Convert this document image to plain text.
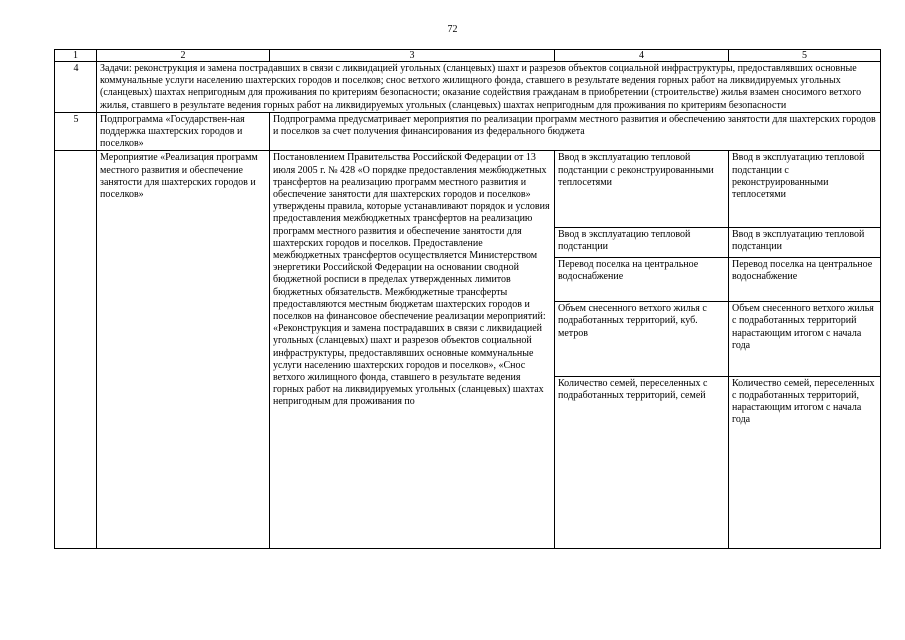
72
1	2	3	4	5
4	Задачи: реконструкция и замена пострадавших в связи с ликвидацией угольных (сланцевых) шахт и разрезов объектов социальной инфраструктуры, предоставлявших основные коммунальные услуги населению шахтерских городов и поселков; снос ветхого жилищного фонда, ставшего в результате ведения горных работ на ликвидируемых угольных (сланцевых) шахтах непригодным для проживания по критериям безопасности; оказание содействия гражданам в приобретении (строительстве) жилья взамен сносимого ветхого жилья, ставшего в результате ведения горных работ на ликвидируемых угольных (сланцевых) шахтах непригодным для проживания по критериям безопасности			
5	Подпрограмма «Государствен-ная поддержка шахтерских городов и поселков»	Подпрограмма предусматривает мероприятия по реализации программ местного развития и обеспечению занятости для шахтерских городов и поселков за счет получения финансирования из федерального бюджета		
	Мероприятие «Реализация программ местного развития и обеспечение занятости для шахтерских городов и поселков»	Постановлением Правительства Российской Федерации от 13 июля 2005 г. № 428 «О порядке предоставления межбюджетных трансфертов на реализацию программ местного развития и обеспечение занятости для шахтерских городов и поселков» утверждены правила, которые устанавливают порядок и условия предоставления межбюджетных трансфертов на реализацию программ местного развития и обеспечение занятости для шахтерских городов и поселков. Предоставление межбюджетных трансфертов осуществляется Министерством энергетики Российской Федерации на основании сводной бюджетной росписи в пределах утвержденных лимитов бюджетных обязательств. Межбюджетные трансферты предоставляются местным бюджетам шахтерских городов и поселков на финансовое обеспечение реализации мероприятий: «Реконструкция и замена пострадавших в связи с ликвидацией угольных (сланцевых) шахт и разрезов объектов социальной инфраструктуры, предоставлявших основные коммунальные услуги населению шахтерских городов и поселков», «Снос ветхого жилищного фонда, ставшего в результате ведения горных работ на ликвидируемых угольных (сланцевых) шахтах непригодным для проживания по	Ввод в эксплуатацию тепловой подстанции с реконструированными теплосетями	Ввод в эксплуатацию тепловой подстанции с реконструированными теплосетями
			Ввод в эксплуатацию тепловой подстанции	Ввод в эксплуатацию тепловой подстанции
			Перевод поселка на центральное водоснабжение	Перевод поселка на центральное водоснабжение
			Объем снесенного ветхого жилья с подработанных территорий, куб. метров	Объем снесенного ветхого жилья с подработанных территорий нарастающим итогом с начала года
			Количество семей, переселенных с подработанных территорий, семей	Количество семей, переселенных с подработанных территорий, нарастающим итогом с начала года
